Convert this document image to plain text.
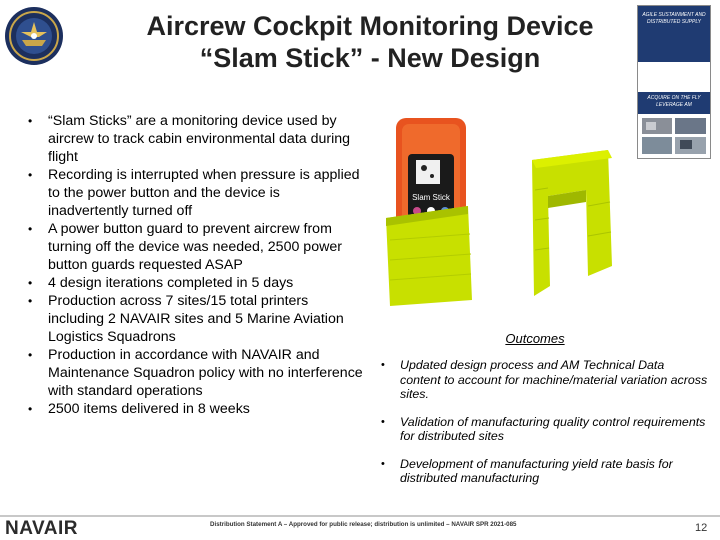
Aircrew Cockpit Monitoring Device
“Slam Stick” - New Design
AGILE SUSTAINMENT AND DISTRIBUTED SUPPLY
ACQUIRE ON THE FLY LEVERAGE AM
• “Slam Sticks” are a monitoring device used by aircrew to track cabin environmental data during flight
• Recording is interrupted when pressure is applied to the power button and the device is inadvertently turned off
• A power button guard to prevent aircrew from turning off the device was needed, 2500 power button guards requested ASAP
• 4 design iterations completed in 5 days
• Production across 7 sites/15 total printers including 2 NAVAIR sites and 5 Marine Aviation Logistics Squadrons
• Production in accordance with NAVAIR and Maintenance Squadron policy with no interference with standard operations
• 2500 items delivered in 8 weeks
Slam Stick
Outcomes
• Updated design process and AM Technical Data content to account for machine/material variation across sites.
• Validation of manufacturing quality control requirements for distributed sites
• Development of manufacturing yield rate basis for distributed manufacturing
NAVAIR	Distribution Statement A – Approved for public release; distribution is unlimited – NAVAIR SPR 2021-085	12
